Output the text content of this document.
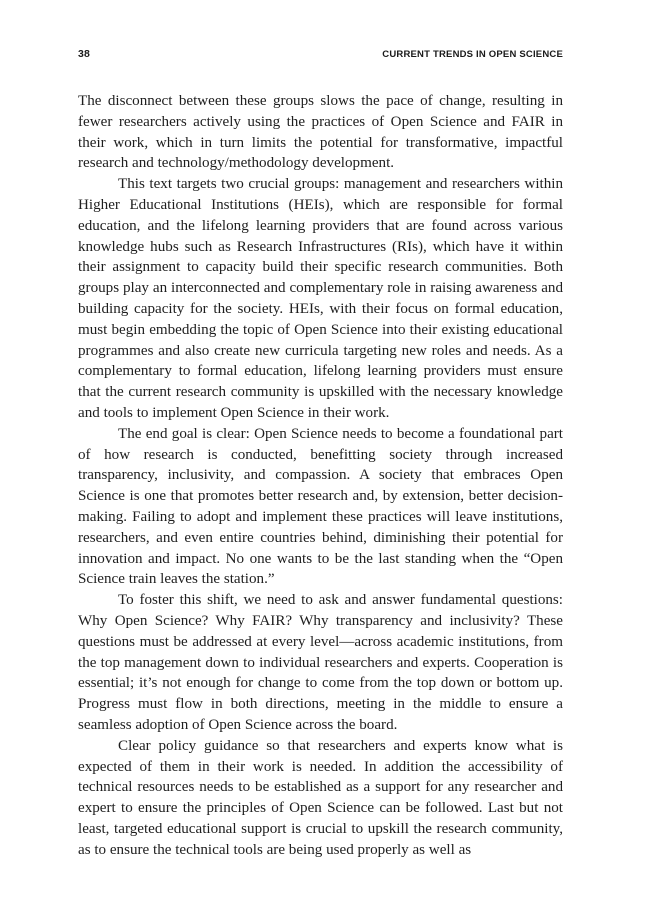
38	CURRENT TRENDS IN OPEN SCIENCE

The disconnect between these groups slows the pace of change, resulting in fewer researchers actively using the practices of Open Science and FAIR in their work, which in turn limits the potential for transformative, impactful research and technology/methodology development.

This text targets two crucial groups: management and researchers within Higher Educational Institutions (HEIs), which are responsible for formal education, and the lifelong learning providers that are found across various knowledge hubs such as Research Infrastructures (RIs), which have it within their assignment to capacity build their specific research communities. Both groups play an interconnected and complementary role in raising awareness and building capacity for the society. HEIs, with their focus on formal education, must begin embedding the topic of Open Science into their existing educational programmes and also create new curricula targeting new roles and needs. As a complementary to formal education, lifelong learning providers must ensure that the current research community is upskilled with the necessary knowledge and tools to implement Open Science in their work.

The end goal is clear: Open Science needs to become a foundational part of how research is conducted, benefitting society through increased transparency, inclusivity, and compassion. A society that embraces Open Science is one that promotes better research and, by extension, better decision-making. Failing to adopt and implement these practices will leave institutions, researchers, and even entire countries behind, diminishing their potential for innovation and impact. No one wants to be the last standing when the “Open Science train leaves the station.”

To foster this shift, we need to ask and answer fundamental questions: Why Open Science? Why FAIR? Why transparency and inclusivity? These questions must be addressed at every level—across academic institutions, from the top management down to individual researchers and experts. Cooperation is essential; it’s not enough for change to come from the top down or bottom up. Progress must flow in both directions, meeting in the middle to ensure a seamless adoption of Open Science across the board.

Clear policy guidance so that researchers and experts know what is expected of them in their work is needed. In addition the accessibility of technical resources needs to be established as a support for any researcher and expert to ensure the principles of Open Science can be followed. Last but not least, targeted educational support is crucial to upskill the research community, as to ensure the technical tools are being used properly as well as
